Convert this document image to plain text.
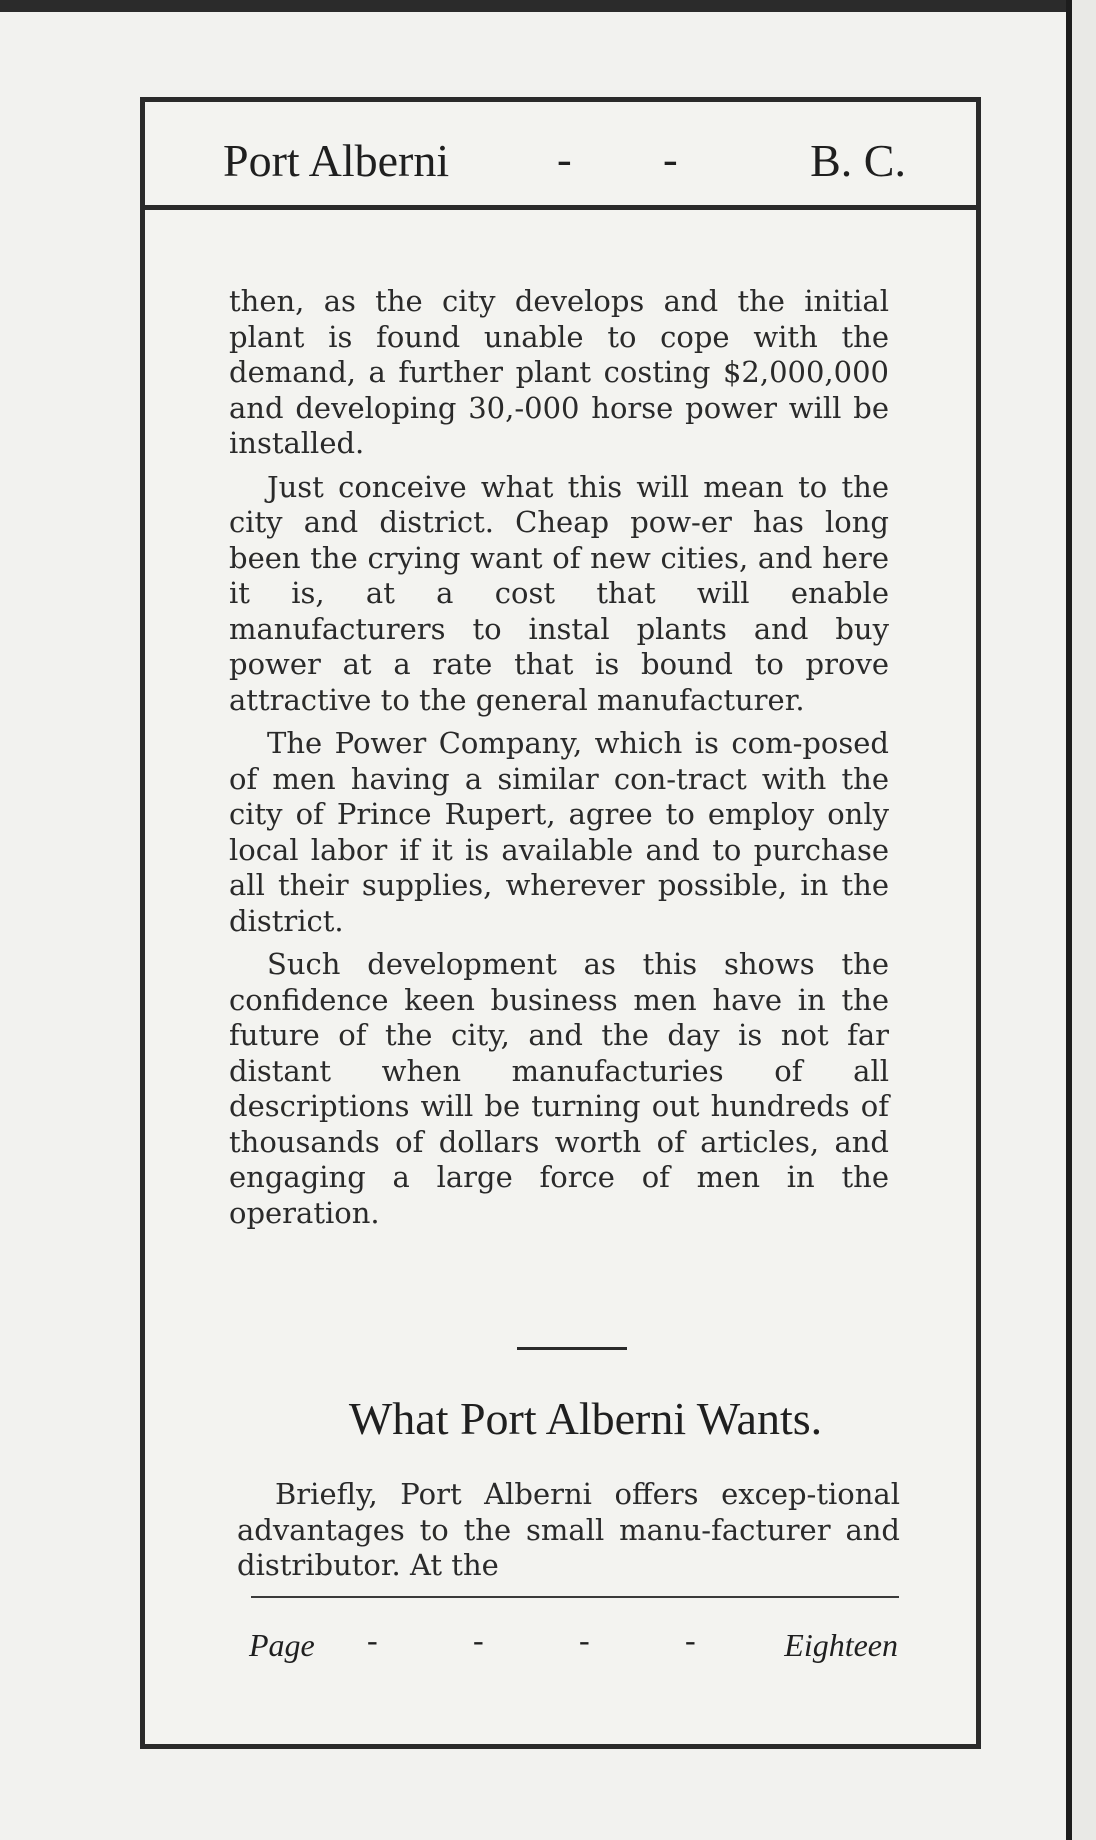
Port Alberni - -	B. C.

then, as the city develops and the initial plant is found unable to cope with the demand, a further plant costing $2,000,000 and developing 30,-000 horse power will be installed.

Just conceive what this will mean to the city and district. Cheap pow-er has long been the crying want of new cities, and here it is, at a cost that will enable manufacturers to instal plants and buy power at a rate that is bound to prove attractive to the general manufacturer.

The Power Company, which is com-posed of men having a similar con-tract with the city of Prince Rupert, agree to employ only local labor if it is available and to purchase all their supplies, wherever possible, in the district.

Such development as this shows the confidence keen business men have in the future of the city, and the day is not far distant when manufacturies of all descriptions will be turning out hundreds of thousands of dollars worth of articles, and engaging a large force of men in the operation.

What Port Alberni Wants.

Briefly, Port Alberni offers excep-tional advantages to the small manu-facturer and distributor. At the

Page -	-	-	-	Eighteen
